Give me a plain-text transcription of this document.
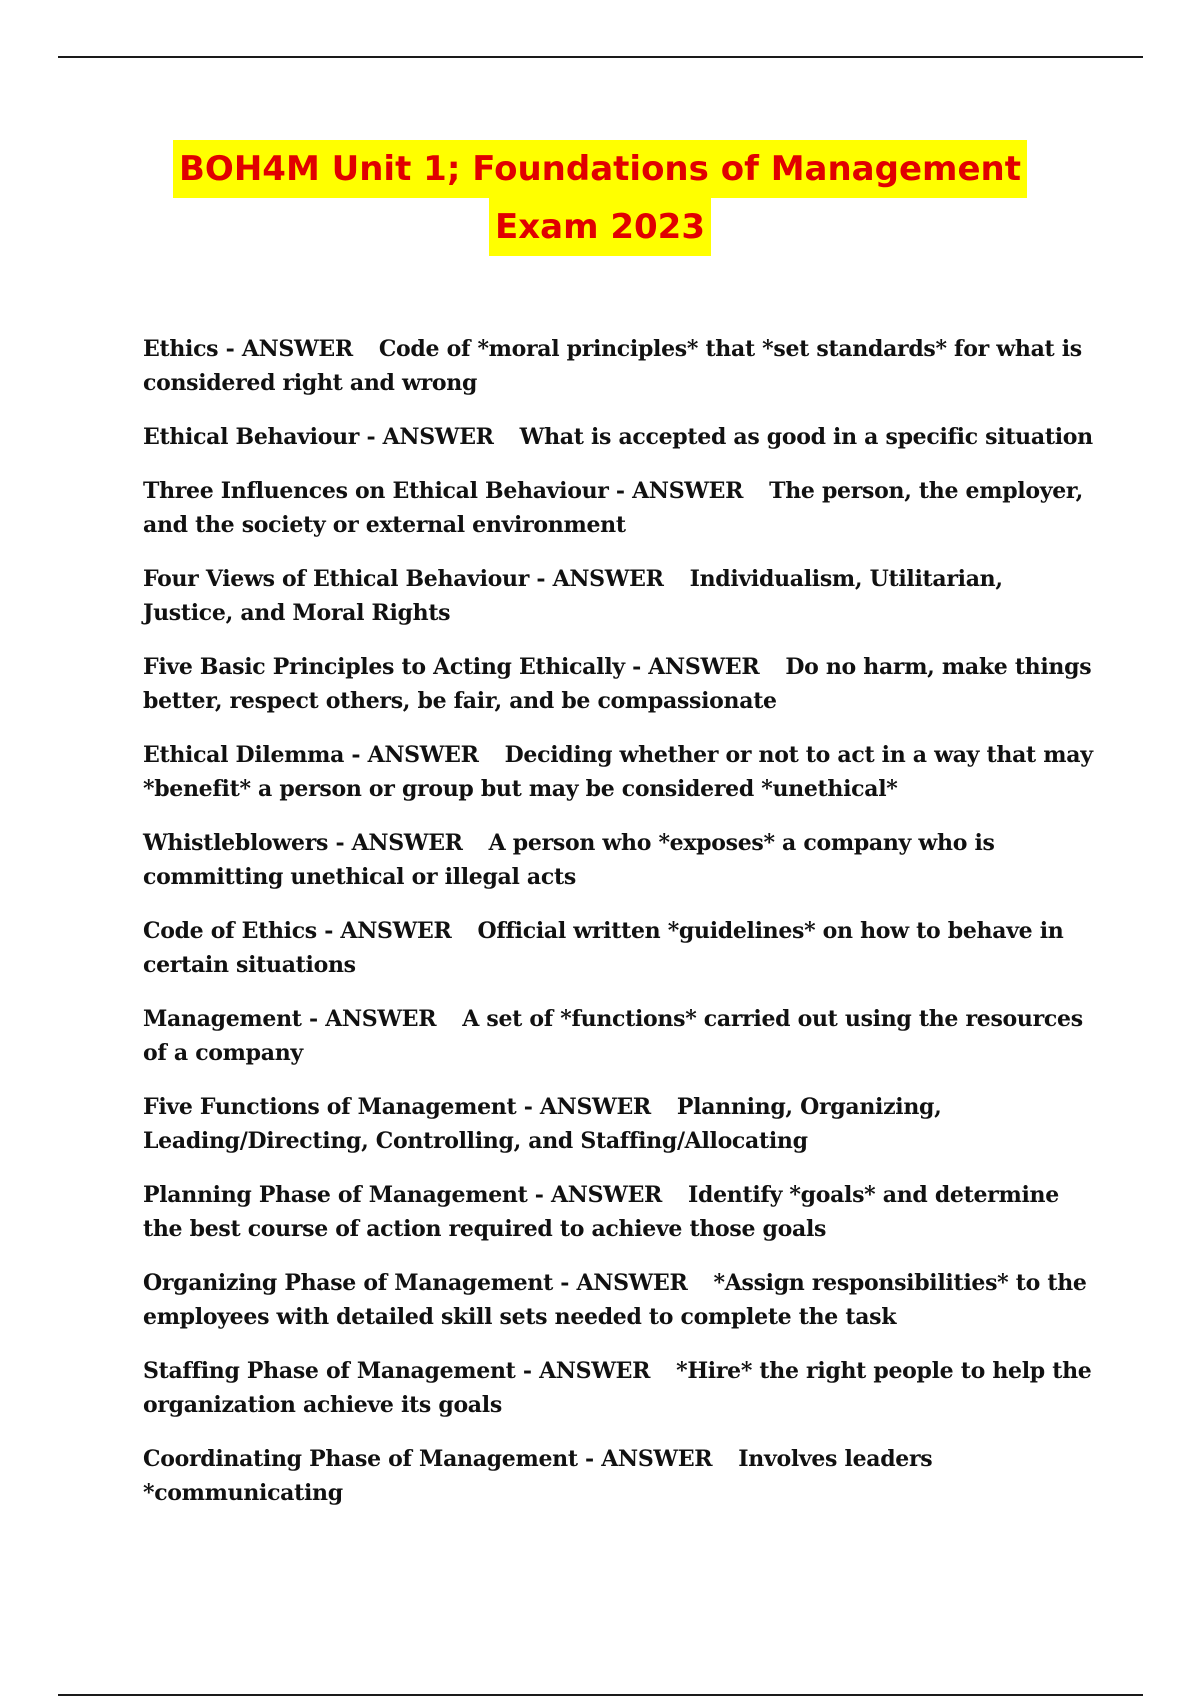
BOH4M Unit 1; Foundations of Management
Exam 2023

Ethics - ANSWER Code of *moral principles* that *set standards* for what is considered right and wrong

Ethical Behaviour - ANSWER What is accepted as good in a specific situation

Three Influences on Ethical Behaviour - ANSWER The person, the employer, and the society or external environment

Four Views of Ethical Behaviour - ANSWER Individualism, Utilitarian, Justice, and Moral Rights

Five Basic Principles to Acting Ethically - ANSWER Do no harm, make things better, respect others, be fair, and be compassionate

Ethical Dilemma - ANSWER Deciding whether or not to act in a way that may *benefit* a person or group but may be considered *unethical*

Whistleblowers - ANSWER A person who *exposes* a company who is committing unethical or illegal acts

Code of Ethics - ANSWER Official written *guidelines* on how to behave in certain situations

Management - ANSWER A set of *functions* carried out using the resources of a company

Five Functions of Management - ANSWER Planning, Organizing, Leading/Directing, Controlling, and Staffing/Allocating

Planning Phase of Management - ANSWER Identify *goals* and determine the best course of action required to achieve those goals

Organizing Phase of Management - ANSWER *Assign responsibilities* to the employees with detailed skill sets needed to complete the task

Staffing Phase of Management - ANSWER *Hire* the right people to help the organization achieve its goals

Coordinating Phase of Management - ANSWER Involves leaders *communicating
